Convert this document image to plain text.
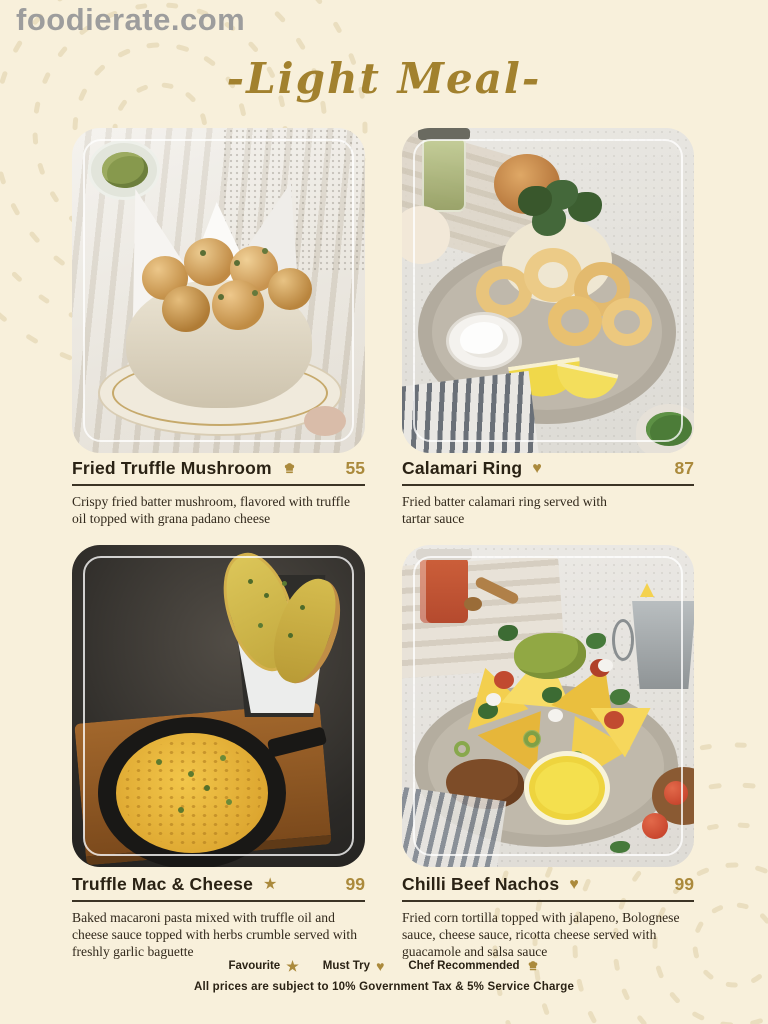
foodierate.com
-Light Meal-
Fried Truffle Mushroom	55
Crispy fried batter mushroom, flavored with truffle oil topped with grana padano cheese
Calamari Ring ♥	87
Fried batter calamari ring served with tartar sauce
Truffle Mac & Cheese ★	99
Baked macaroni pasta mixed with truffle oil and cheese sauce topped with herbs crumble served with freshly garlic baguette
Chilli Beef Nachos ♥	99
Fried corn tortilla topped with jalapeno, Bolognese sauce, cheese sauce, ricotta cheese served with guacamole and salsa sauce
Favourite ★ Must Try ♥ Chef Recommended
All prices are subject to 10% Government Tax & 5% Service Charge
